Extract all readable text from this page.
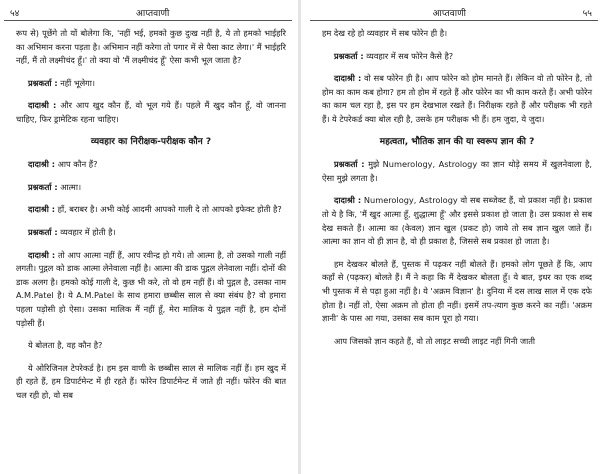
५४	आप्तवाणी

रूप से) पूछेंगे तो यों बोलेगा कि, 'नहीं भई, हमको कुछ दुःख नहीं है, ये तो हमको भाईहरि का अभिमान करना पड़ता है। अभिमान नहीं करेगा तो पगार में से पैसा काट लेगा।' मैं भाईहरि नहीं, मैं तो लक्ष्मीचंद हूँ।' तो क्या वो 'मैं लक्ष्मीचंद हूँ' ऐसा कभी भूल जाता है?

प्रश्नकर्ता : नहीं भूलेगा।

दादाश्री : और आप खुद कौन हैं, वो भूल गये हैं। पहले मैं खुद कौन हूँ, वो जानना चाहिए, फिर ड्रामेटिक रहना चाहिए।

व्यवहार का निरीक्षक-परीक्षक कौन ?

दादाश्री : आप कौन हैं?

प्रश्नकर्ता : आत्मा।

दादाश्री : हाँ, बराबर है। अभी कोई आदमी आपको गाली दे तो आपको इफेक्ट होती है?

प्रश्नकर्ता : व्यवहार में होती है।

दादाश्री : तो आप आत्मा नहीं हैं, आप रवीन्द्र हो गये। तो आत्मा है, तो उसको गाली नहीं लगती। पुद्गल को डाक आत्मा लेनेवाला नहीं है। आत्मा की डाक पुद्गल लेनेवाला नहीं। दोनों की डाक अलग है। हमको कोई गाली दे, कुछ भी करे, तो वो हम नहीं हैं। वो पुद्गल है, उसका नाम A.M.Patel है। ये A.M.Patel के साथ हमारा छब्बीस साल से क्या संबंध है? वो हमारा पहला पड़ोसी हो ऐसा। उसका मालिक मैं नहीं हूँ, मेरा मालिक ये पुद्गल नहीं है, हम दोनों पड़ोसी हैं।

ये बोलता है, वह कौन है?

ये ओरिजिनल टेपरेकर्ड है। हम इस वाणी के छब्बीस साल से मालिक नहीं हैं। हम खुद में ही रहते हैं, हम डिपार्टमेन्ट में ही रहते हैं। फोरेन डिपार्टमेन्ट में जाते ही नहीं। फोरेन की बात चल रही हो, वो सब

आप्तवाणी	५५

हम देख रहे हो व्यवहार में सब फोरेन ही है।

प्रश्नकर्ता : व्यवहार में सब फोरेन कैसे है?

दादाश्री : वो सब फोरेन ही है। आप फोरेन को होम मानते हैं। लेकिन वो तो फोरेन है, तो होम का काम कब होगा? हम तो होम में रहते हैं और फोरेन का भी काम करते हैं। अभी फोरेन का काम चल रहा है, इस पर हम देखभाल रखते हैं। निरीक्षक रहते हैं और परीक्षक भी रहते हैं। ये टेपरेकर्ड क्या बोल रही है, उसके हम परीक्षक भी हैं। हम जुदा, ये जुदा।

महत्वता, भौतिक ज्ञान की या स्वरूप ज्ञान की ?

प्रश्नकर्ता : मुझे Numerology, Astrology का ज्ञान थोड़े समय में खुलनेवाला है, ऐसा मुझे लगता है।

दादाश्री : Numerology, Astrology वो सब सब्जेक्ट हैं, वो प्रकाश नहीं है। प्रकाश तो ये है कि, 'मैं खुद आत्मा हूँ, शुद्धात्मा हूँ' और इससे प्रकाश हो जाता है। उस प्रकाश से सब देख सकते हैं। आत्मा का (केवल) ज्ञान खुल (प्रकट हो) जाये तो सब ज्ञान खुल जाते हैं। आत्मा का ज्ञान वो ही ज्ञान है, वो ही प्रकाश है, जिससे सब प्रकाश हो जाता है।

हम देखकर बोलते हैं, पुस्तक में पढ़कर नहीं बोलते हैं। हमको लोग पूछते हैं कि, आप कहाँ से (पढ़कर) बोलते हैं। मैं ने कहा कि मैं देखकर बोलता हूँ। ये बात, इधर का एक शब्द भी पुस्तक में से पढ़ा हुआ नहीं है। ये 'अक्रम विज्ञान' है। दुनिया में दस लाख साल में एक दफे होता है। नहीं तो, ऐसा अक्रम तो होता ही नहीं। इसमें तप-त्याग कुछ करने का नहीं। 'अक्रम ज्ञानी' के पास आ गया, उसका सब काम पूरा हो गया।

आप जिसको ज्ञान कहते हैं, वो तो लाइट सच्ची लाइट नहीं गिनी जाती
